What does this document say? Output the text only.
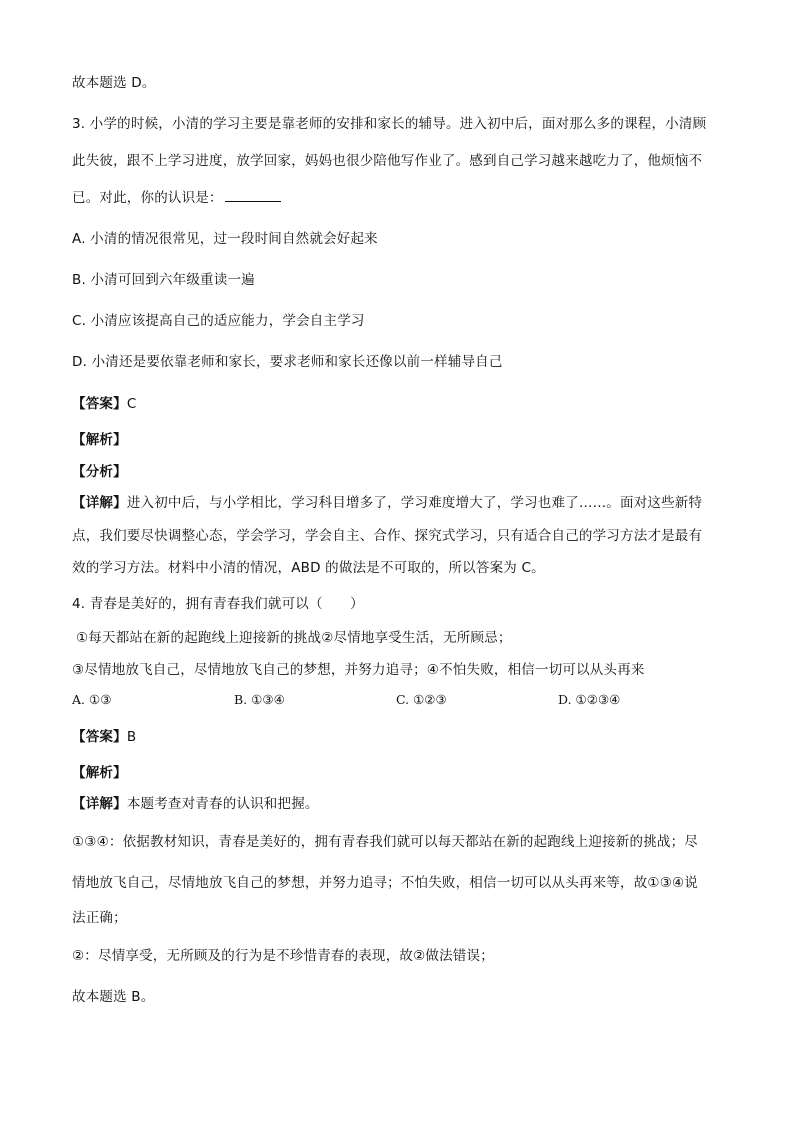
故本题选 D。
3. 小学的时候，小清的学习主要是靠老师的安排和家长的辅导。进入初中后，面对那么多的课程，小清顾
此失彼，跟不上学习进度，放学回家，妈妈也很少陪他写作业了。感到自己学习越来越吃力了，他烦恼不
已。对此，你的认识是：
A. 小清的情况很常见，过一段时间自然就会好起来
B. 小清可回到六年级重读一遍
C. 小清应该提高自己的适应能力，学会自主学习
D. 小清还是要依靠老师和家长，要求老师和家长还像以前一样辅导自己
【答案】C
【解析】
【分析】
【详解】进入初中后，与小学相比，学习科目增多了，学习难度增大了，学习也难了……。面对这些新特
点，我们要尽快调整心态，学会学习，学会自主、合作、探究式学习，只有适合自己的学习方法才是最有
效的学习方法。材料中小清的情况，ABD 的做法是不可取的，所以答案为 C。
4. 青春是美好的，拥有青春我们就可以（　　）
①每天都站在新的起跑线上迎接新的挑战②尽情地享受生活，无所顾忌；
③尽情地放飞自己，尽情地放飞自己的梦想，并努力追寻；④不怕失败，相信一切可以从头再来
A. ①③	B. ①③④	C. ①②③	D. ①②③④
【答案】B
【解析】
【详解】本题考查对青春的认识和把握。
①③④：依据教材知识，青春是美好的，拥有青春我们就可以每天都站在新的起跑线上迎接新的挑战；尽
情地放飞自己，尽情地放飞自己的梦想，并努力追寻；不怕失败，相信一切可以从头再来等，故①③④说
法正确；
②：尽情享受，无所顾及的行为是不珍惜青春的表现，故②做法错误；
故本题选 B。
